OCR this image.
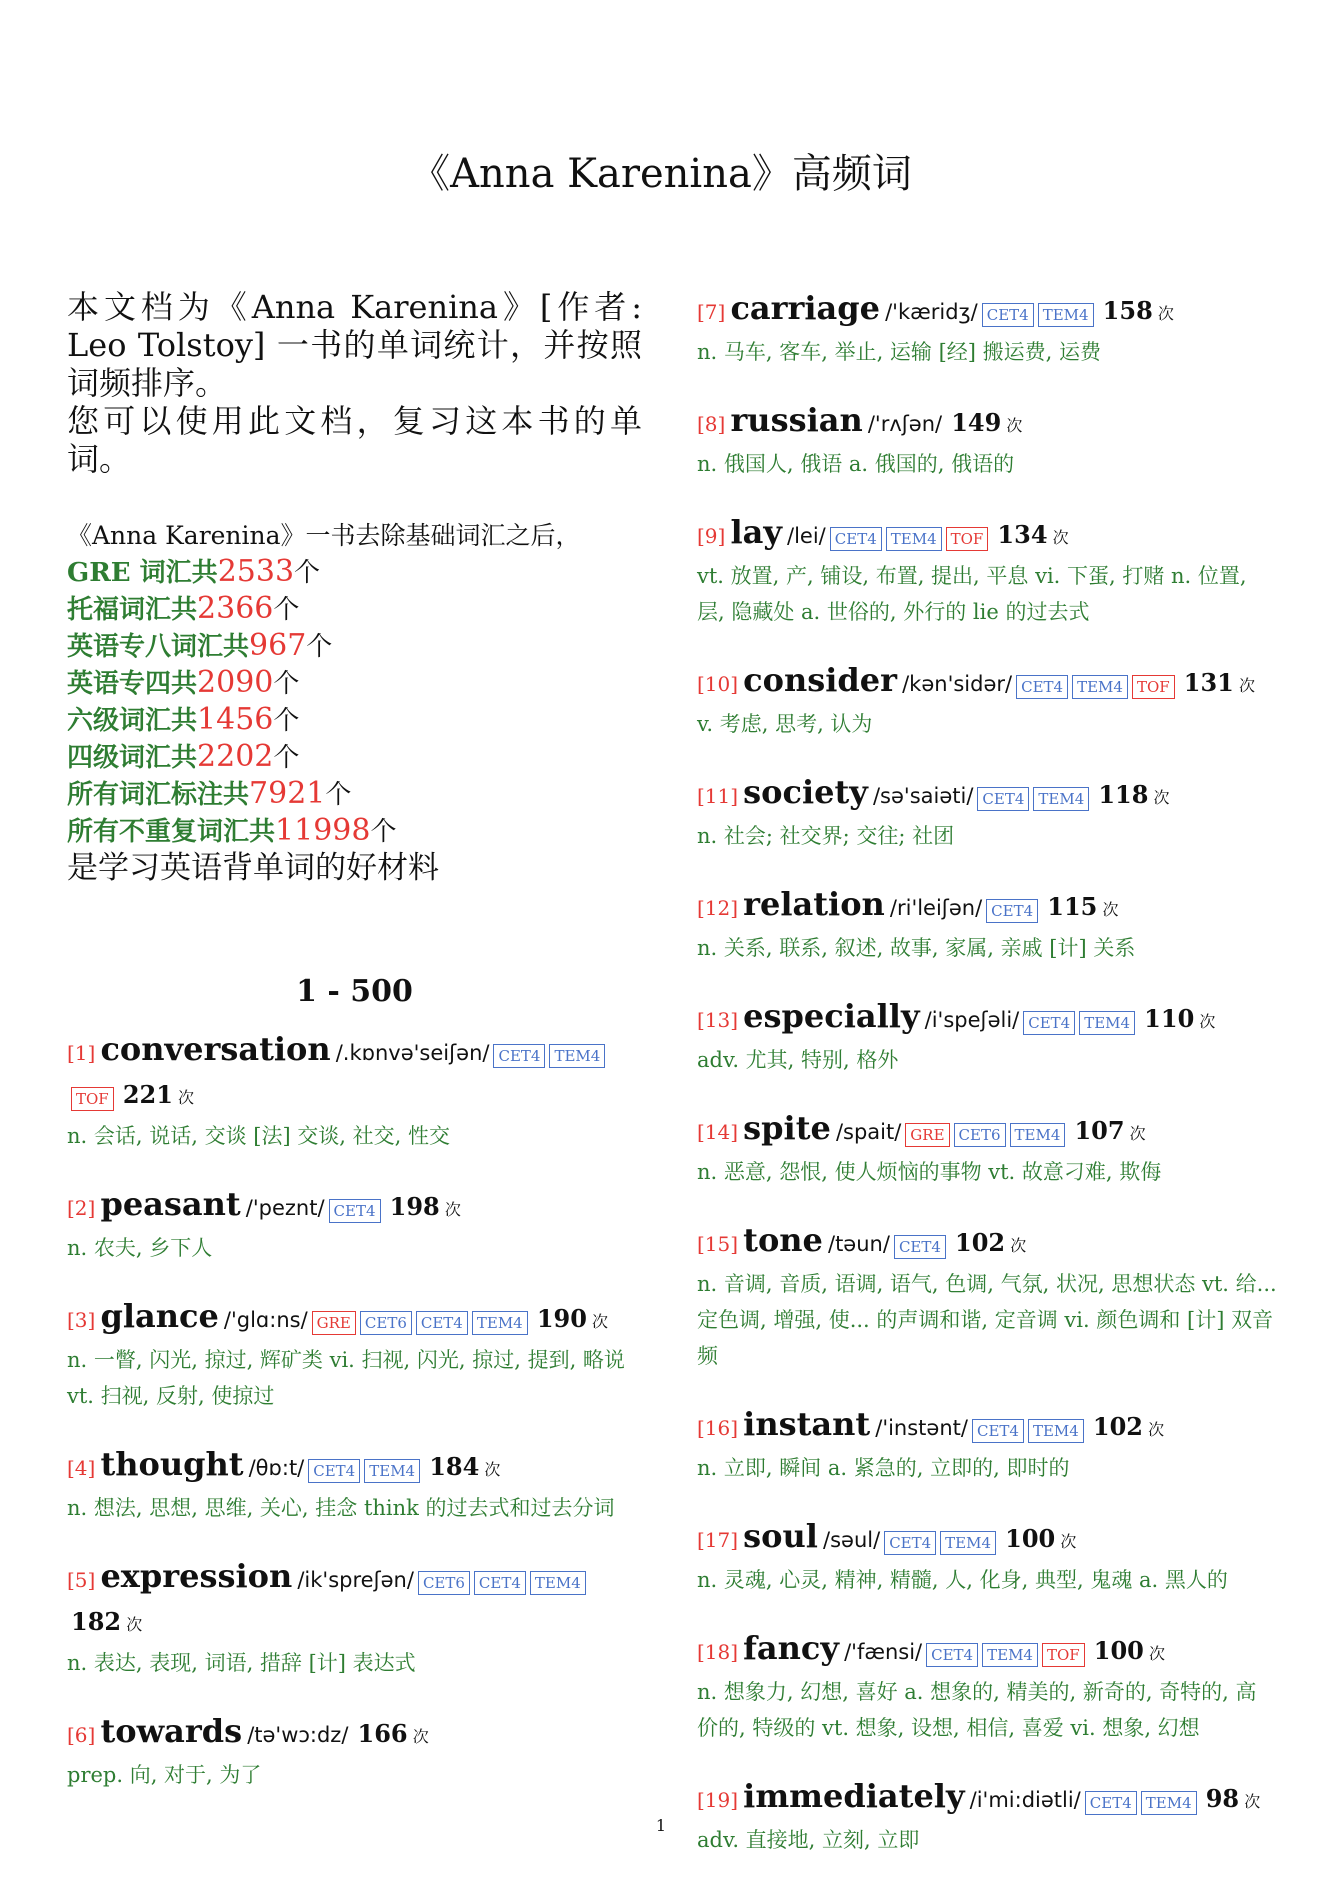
《Anna Karenina》高频词

本文档为《Anna Karenina》[作者: Leo Tolstoy] 一书的单词统计，并按照词频排序。

您可以使用此文档，复习这本书的单词。

《Anna Karenina》一书去除基础词汇之后，
GRE 词汇共2533个
托福词汇共2366个
英语专八词汇共967个
英语专四共2090个
六级词汇共1456个
四级词汇共2202个
所有词汇标注共7921个
所有不重复词汇共11998个
是学习英语背单词的好材料
1 - 500
[1] conversation /.kɒnvə'seiʃən/ CET4 TEM4TOF 221 次
n. 会话, 说话, 交谈 [法] 交谈, 社交, 性交
[2] peasant /'peznt/ CET4 198 次
n. 农夫, 乡下人
[3] glance /'glɑ:ns/ GRE CET6 CET4 TEM4 190 次
n. 一瞥, 闪光, 掠过, 辉矿类 vi. 扫视, 闪光, 掠过, 提到, 略说 vt. 扫视, 反射, 使掠过
[4] thought /θɒ:t/ CET4 TEM4 184 次
n. 想法, 思想, 思维, 关心, 挂念 think 的过去式和过去分词
[5] expression /ik'spreʃən/ CET6 CET4 TEM4 182 次
n. 表达, 表现, 词语, 措辞 [计] 表达式
[6] towards /tə'wɔ:dz/ 166 次
prep. 向, 对于, 为了
[7] carriage /'kæridʒ/ CET4 TEM4 158 次
n. 马车, 客车, 举止, 运输 [经] 搬运费, 运费
[8] russian /'rʌʃən/ 149 次
n. 俄国人, 俄语 a. 俄国的, 俄语的
[9] lay /lei/ CET4 TEM4 TOF 134 次
vt. 放置, 产, 铺设, 布置, 提出, 平息 vi. 下蛋, 打赌 n. 位置, 层, 隐藏处 a. 世俗的, 外行的 lie 的过去式
[10] consider /kən'sidər/ CET4 TEM4 TOF 131 次
v. 考虑, 思考, 认为
[11] society /sə'saiəti/ CET4 TEM4 118 次
n. 社会; 社交界; 交往; 社团
[12] relation /ri'leiʃən/ CET4 115 次
n. 关系, 联系, 叙述, 故事, 家属, 亲戚 [计] 关系
[13] especially /i'speʃəli/ CET4 TEM4 110 次
adv. 尤其, 特别, 格外
[14] spite /spait/ GRE CET6 TEM4 107 次
n. 恶意, 怨恨, 使人烦恼的事物 vt. 故意刁难, 欺侮
[15] tone /təun/ CET4 102 次
n. 音调, 音质, 语调, 语气, 色调, 气氛, 状况, 思想状态 vt. 给... 定色调, 增强, 使... 的声调和谐, 定音调 vi. 颜色调和 [计] 双音频
[16] instant /'instənt/ CET4 TEM4 102 次
n. 立即, 瞬间 a. 紧急的, 立即的, 即时的
[17] soul /səul/ CET4 TEM4 100 次
n. 灵魂, 心灵, 精神, 精髓, 人, 化身, 典型, 鬼魂 a. 黑人的
[18] fancy /'fænsi/ CET4 TEM4 TOF 100 次
n. 想象力, 幻想, 喜好 a. 想象的, 精美的, 新奇的, 奇特的, 高价的, 特级的 vt. 想象, 设想, 相信, 喜爱 vi. 想象, 幻想
[19] immediately /i'mi:diətli/ CET4 TEM4 98 次
adv. 直接地, 立刻, 立即
1
